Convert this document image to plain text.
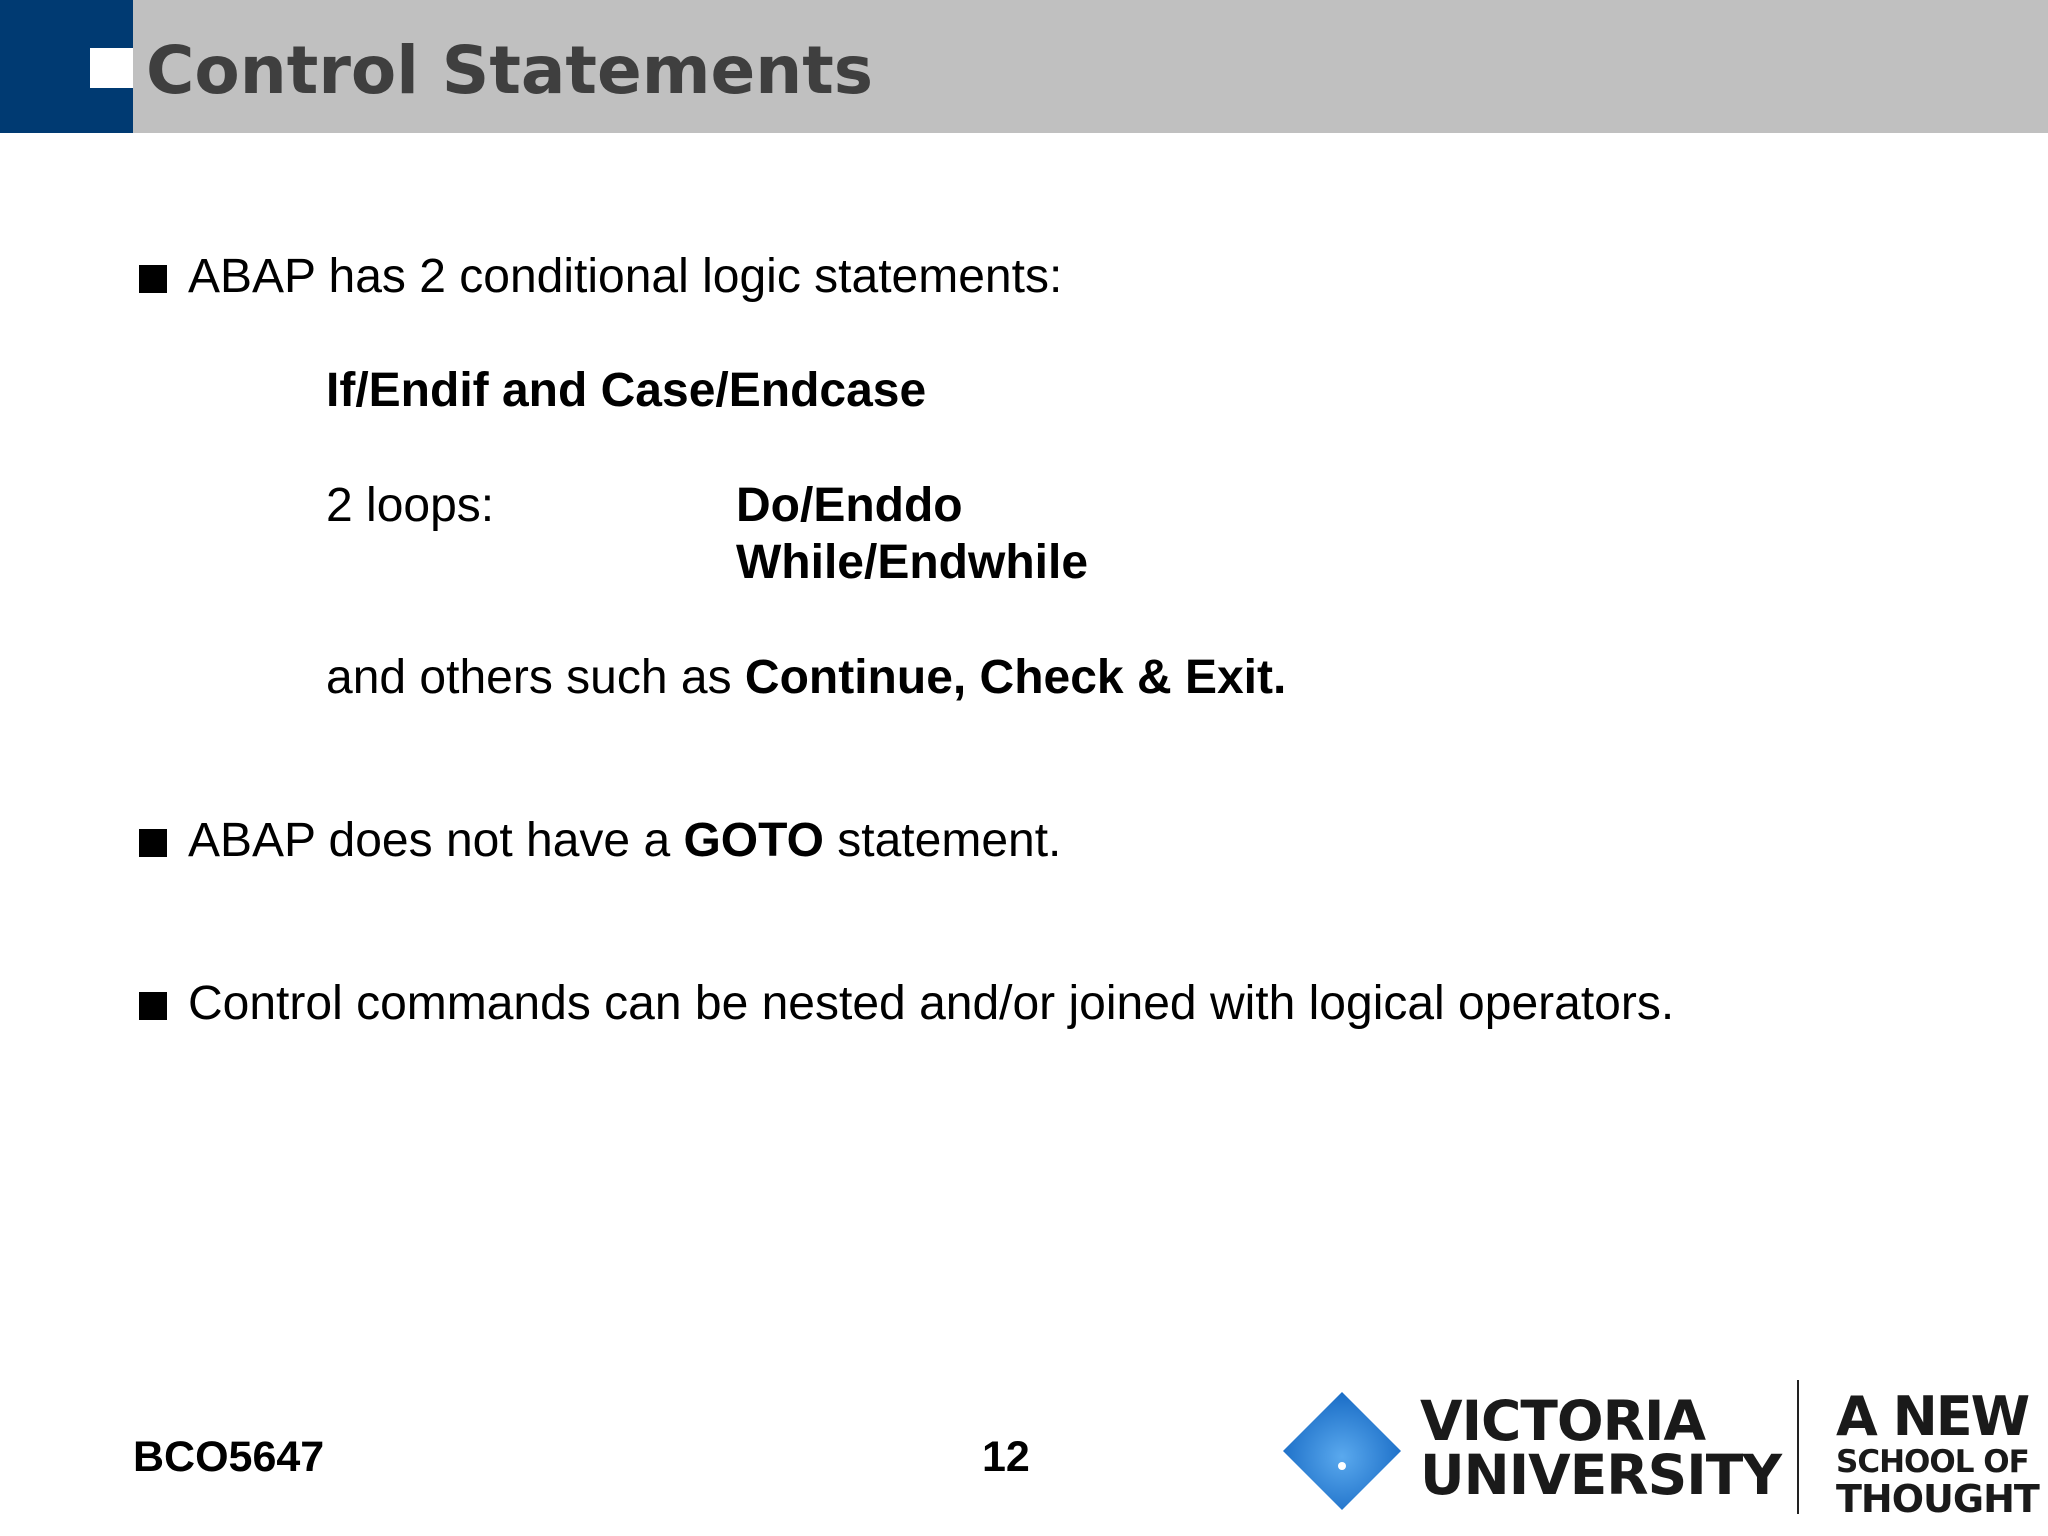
Control Statements
ABAP has 2 conditional logic statements:
If/Endif and Case/Endcase
2 loops:	Do/Enddo
While/Endwhile
and others such as Continue, Check & Exit.
ABAP does not have a GOTO statement.
Control commands can be nested and/or joined with logical operators.
BCO5647	12
VICTORIA
UNIVERSITY
A NEW
SCHOOL OF
THOUGHT
